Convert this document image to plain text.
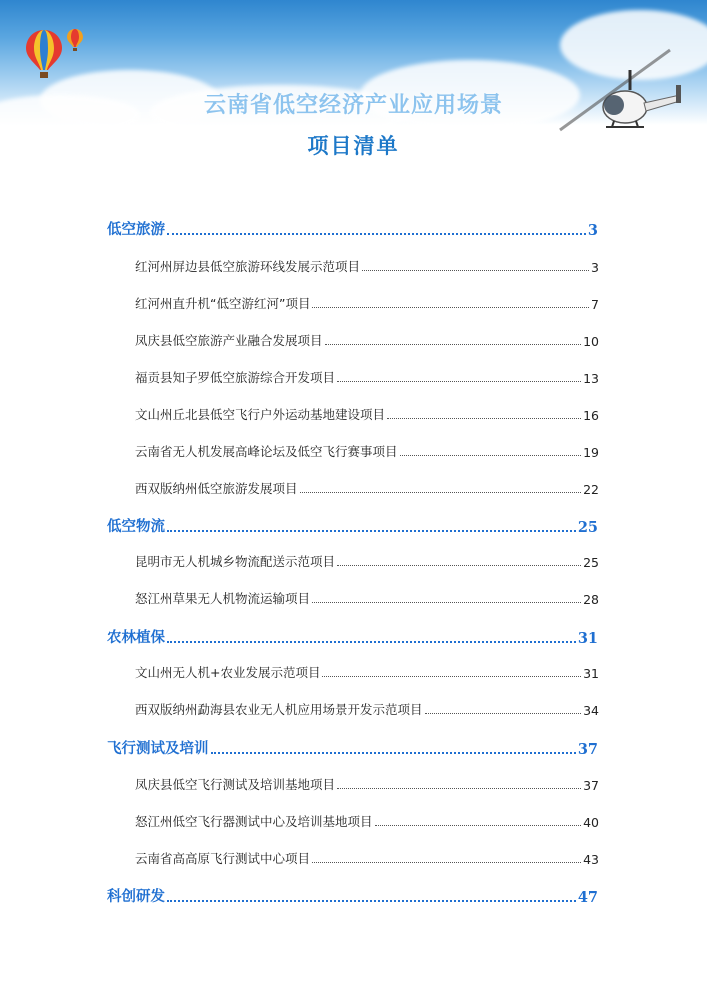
云南省低空经济产业应用场景
项目清单
低空旅游	3
红河州屏边县低空旅游环线发展示范项目	3
红河州直升机“低空游红河”项目	7
凤庆县低空旅游产业融合发展项目	10
福贡县知子罗低空旅游综合开发项目	13
文山州丘北县低空飞行户外运动基地建设项目	16
云南省无人机发展高峰论坛及低空飞行赛事项目	19
西双版纳州低空旅游发展项目	22
低空物流	25
昆明市无人机城乡物流配送示范项目	25
怒江州草果无人机物流运输项目	28
农林植保	31
文山州无人机+农业发展示范项目	31
西双版纳州勐海县农业无人机应用场景开发示范项目	34
飞行测试及培训	37
凤庆县低空飞行测试及培训基地项目	37
怒江州低空飞行器测试中心及培训基地项目	40
云南省高高原飞行测试中心项目	43
科创研发	47
